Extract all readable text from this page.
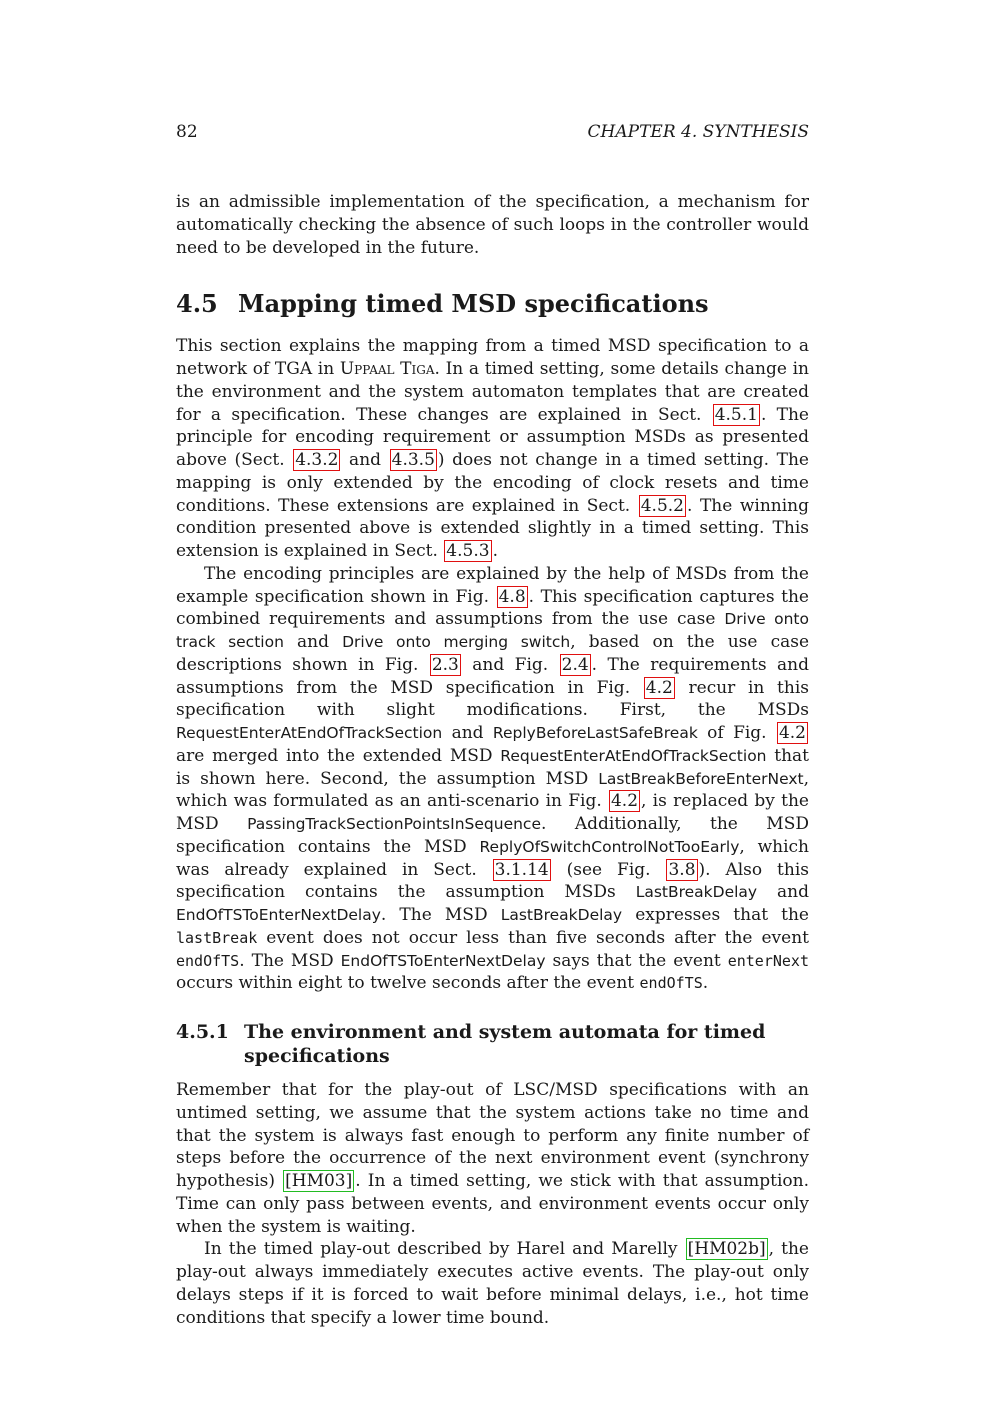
82	CHAPTER 4. SYNTHESIS

is an admissible implementation of the specification, a mechanism for automatically checking the absence of such loops in the controller would need to be developed in the future.

4.5 Mapping timed MSD specifications

This section explains the mapping from a timed MSD specification to a network of TGA in Uppaal Tiga. In a timed setting, some details change in the environment and the system automaton templates that are created for a specification. These changes are explained in Sect. 4.5.1 . The principle for encoding requirement or assumption MSDs as presented above (Sect. 4.3.2 and 4.3.5 ) does not change in a timed setting. The mapping is only extended by the encoding of clock resets and time conditions. These extensions are explained in Sect. 4.5.2 . The winning condition presented above is extended slightly in a timed setting. This extension is explained in Sect. 4.5.3 .

The encoding principles are explained by the help of MSDs from the example specification shown in Fig. 4.8 . This specification captures the combined requirements and assumptions from the use case Drive onto track section and Drive onto merging switch, based on the use case descriptions shown in Fig. 2.3 and Fig. 2.4 . The requirements and assumptions from the MSD specification in Fig. 4.2 recur in this specification with slight modifications. First, the MSDs RequestEnterAtEndOfTrackSection and ReplyBeforeLastSafeBreak of Fig. 4.2 are merged into the extended MSD RequestEnterAtEndOfTrackSection that is shown here. Second, the assumption MSD LastBreakBeforeEnterNext, which was formulated as an anti-scenario in Fig. 4.2 , is replaced by the MSD PassingTrackSectionPointsInSequence. Additionally, the MSD specification contains the MSD ReplyOfSwitchControlNotTooEarly, which was already explained in Sect. 3.1.14 (see Fig. 3.8 ). Also this specification contains the assumption MSDs LastBreakDelay and EndOfTSToEnterNextDelay. The MSD LastBreakDelay expresses that the lastBreak event does not occur less than five seconds after the event endOfTS. The MSD EndOfTSToEnterNextDelay says that the event enterNext occurs within eight to twelve seconds after the event endOfTS.

4.5.1 The environment and system automata for timed specifications

Remember that for the play-out of LSC/MSD specifications with an untimed setting, we assume that the system actions take no time and that the system is always fast enough to perform any finite number of steps before the occurrence of the next environment event (synchrony hypothesis) [HM03] . In a timed setting, we stick with that assumption. Time can only pass between events, and environment events occur only when the system is waiting.

In the timed play-out described by Harel and Marelly [HM02b] , the play-out always immediately executes active events. The play-out only delays steps if it is forced to wait before minimal delays, i.e., hot time conditions that specify a lower time bound.
